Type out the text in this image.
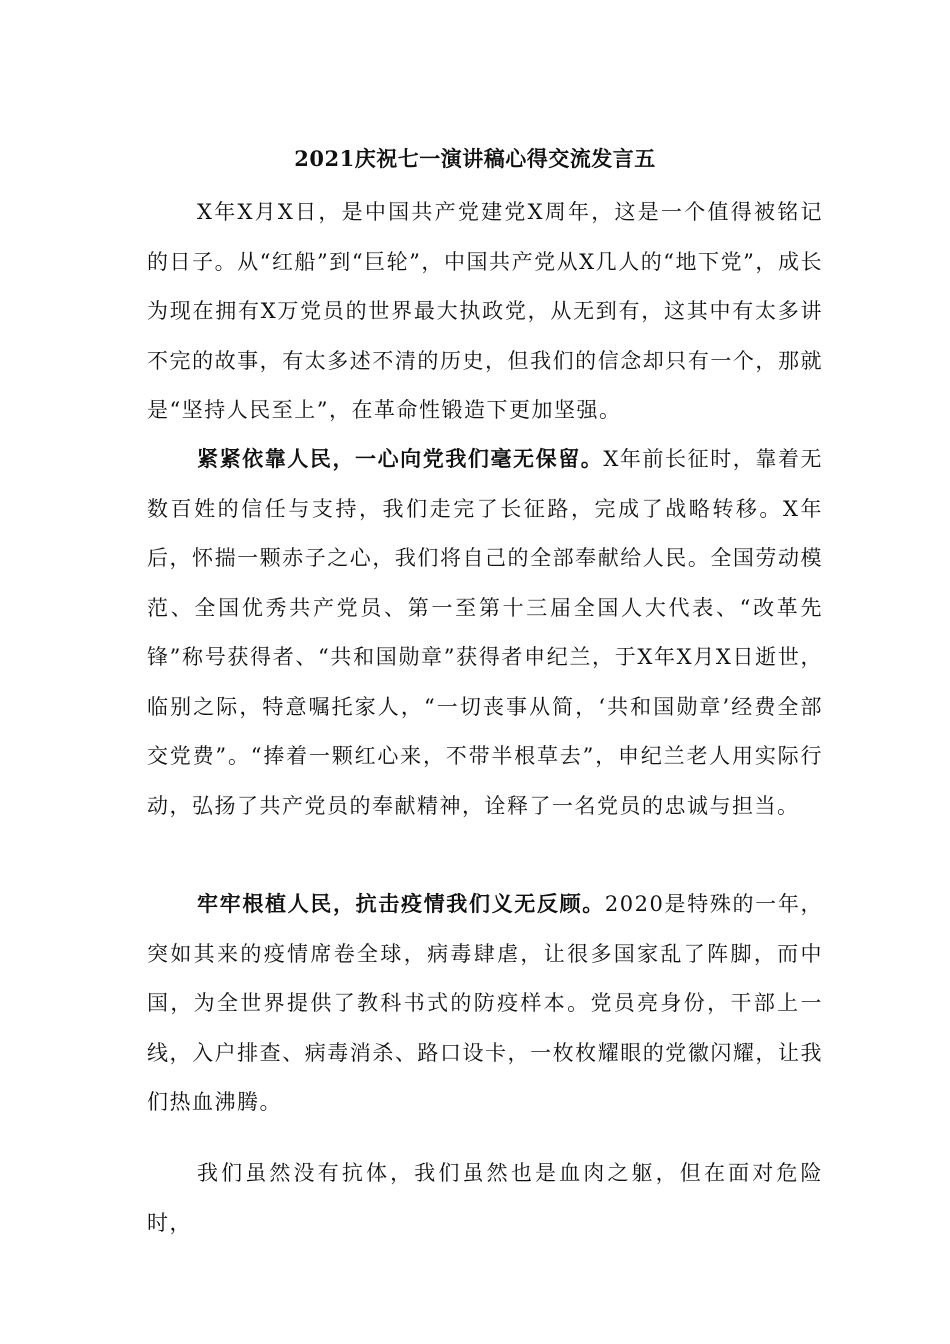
2021庆祝七一演讲稿心得交流发言五

X年X月X日，是中国共产党建党X周年，这是一个值得被铭记的日子。从“红船”到“巨轮”，中国共产党从X几人的“地下党”，成长为现在拥有X万党员的世界最大执政党，从无到有，这其中有太多讲不完的故事，有太多述不清的历史，但我们的信念却只有一个，那就是“坚持人民至上”，在革命性锻造下更加坚强。

紧紧依靠人民，一心向党我们毫无保留。X年前长征时，靠着无数百姓的信任与支持，我们走完了长征路，完成了战略转移。X年后，怀揣一颗赤子之心，我们将自己的全部奉献给人民。全国劳动模范、全国优秀共产党员、第一至第十三届全国人大代表、“改革先锋”称号获得者、“共和国勋章”获得者申纪兰，于X年X月X日逝世，临别之际，特意嘱托家人，“一切丧事从简，‘共和国勋章’经费全部交党费”。“捧着一颗红心来，不带半根草去”，申纪兰老人用实际行动，弘扬了共产党员的奉献精神，诠释了一名党员的忠诚与担当。

牢牢根植人民，抗击疫情我们义无反顾。2020是特殊的一年，突如其来的疫情席卷全球，病毒肆虐，让很多国家乱了阵脚，而中国，为全世界提供了教科书式的防疫样本。党员亮身份，干部上一线，入户排查、病毒消杀、路口设卡，一枚枚耀眼的党徽闪耀，让我们热血沸腾。

我们虽然没有抗体，我们虽然也是血肉之躯，但在面对危险时，
